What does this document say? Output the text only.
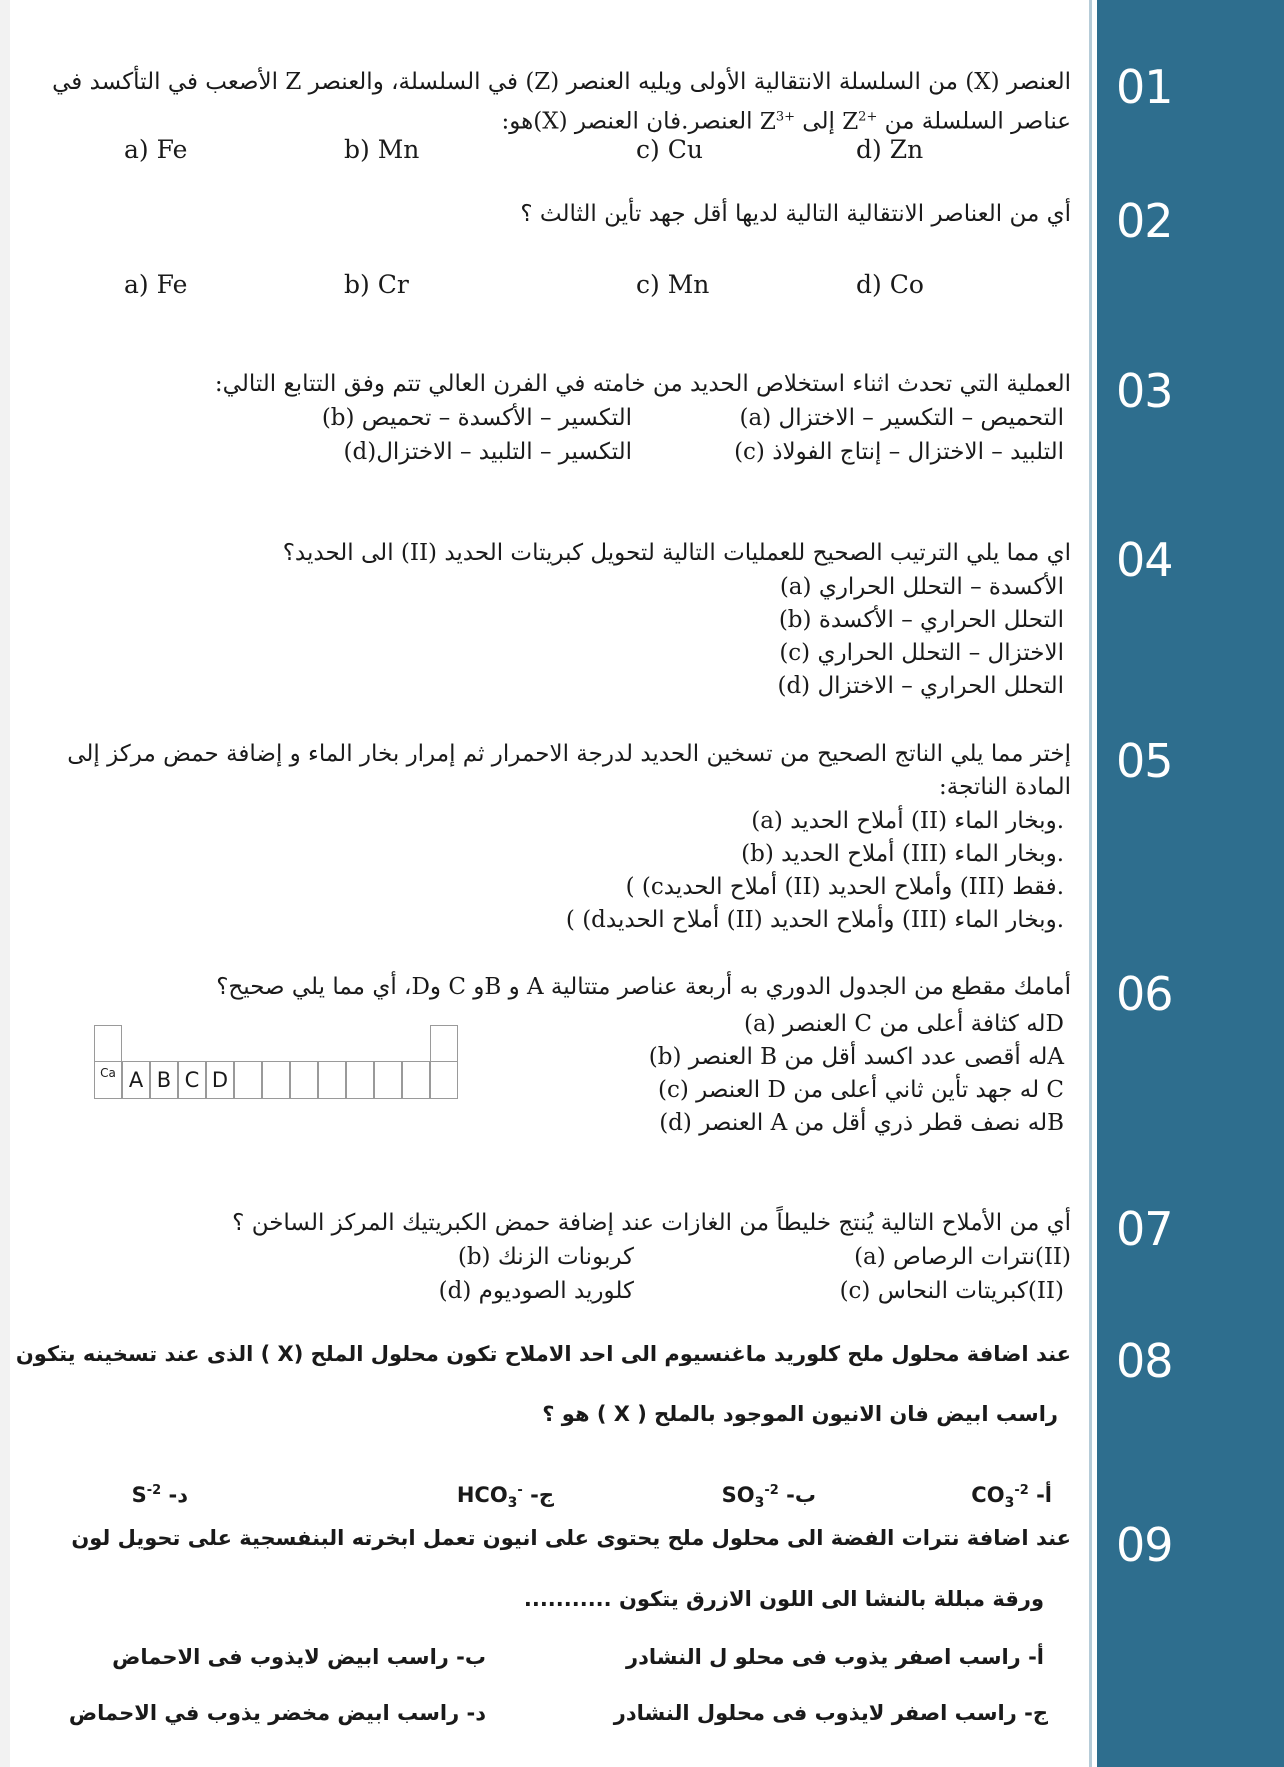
01
العنصر (X) من السلسلة الانتقالية الأولى ويليه العنصر (Z) في السلسلة، والعنصر Z الأصعب في التأكسد في
عناصر السلسلة من $Z^{2+}$ إلى $Z^{3+}$ العنصر.فان العنصر (X)هو:
a) Fe	b) Mn	c) Cu	d) Zn
02
أي من العناصر الانتقالية التالية لديها أقل جهد تأين الثالث ؟
a) Fe	b) Cr	c) Mn	d) Co
03
العملية التي تحدث اثناء استخلاص الحديد من خامته في الفرن العالي تتم وفق التتابع التالي:
(a) التحميص – التكسير – الاختزال
(b) التكسير – الأكسدة – تحميص
(c) التلبيد – الاختزال – إنتاج الفولاذ
(d)التكسير – التلبيد – الاختزال
04
اي مما يلي الترتيب الصحيح للعمليات التالية لتحويل كبريتات الحديد (II) الى الحديد؟
(a) الأكسدة – التحلل الحراري
(b) التحلل الحراري – الأكسدة
(c) الاختزال – التحلل الحراري
(d) التحلل الحراري – الاختزال
05
إختر مما يلي الناتج الصحيح من تسخين الحديد لدرجة الاحمرار ثم إمرار بخار الماء و إضافة حمض مركز إلى
المادة الناتجة:
(a) أملاح الحديد (II) وبخار الماء.
(b) أملاح الحديد (III) وبخار الماء.
( (cأملاح الحديد (II) وأملاح الحديد (III) فقط.
( (dأملاح الحديد (II) وأملاح الحديد (III) وبخار الماء.
06
أمامك مقطع من الجدول الدوري به أربعة عناصر متتالية A و Bو C وD، أي مما يلي صحيح؟
(a) العنصر C له كثافة أعلى منD
(b) العنصر B له أقصى عدد اكسد أقل منA
(c) العنصر D له جهد تأين ثاني أعلى من C
(d) العنصر A له نصف قطر ذري أقل منB
Ca A B C D
07
أي من الأملاح التالية يُنتج خليطاً من الغازات عند إضافة حمض الكبريتيك المركز الساخن ؟
(a) نترات الرصاص(II)
(b) كربونات الزنك
(c) كبريتات النحاس(II)
(d) كلوريد الصوديوم
08
عند اضافة محلول ملح كلوريد ماغنسيوم الى احد الاملاح تكون محلول الملح (X ) الذى عند تسخينه يتكون
راسب ابيض فان الانيون الموجود بالملح ( X ) هو ؟
أ- $CO_3^{-2}$
ب- $SO_3^{-2}$
ج- $HCO_3^-$
د- $S^{-2}$
09
عند اضافة نترات الفضة الى محلول ملح يحتوى على انيون تعمل ابخرته البنفسجية على تحويل لون
ورقة مبللة بالنشا الى اللون الازرق يتكون ...........
أ- راسب اصفر يذوب فى محلو ل النشادر
ب- راسب ابيض لايذوب فى الاحماض
ج- راسب اصفر لايذوب فى محلول النشادر
د- راسب ابيض مخضر يذوب في الاحماض
